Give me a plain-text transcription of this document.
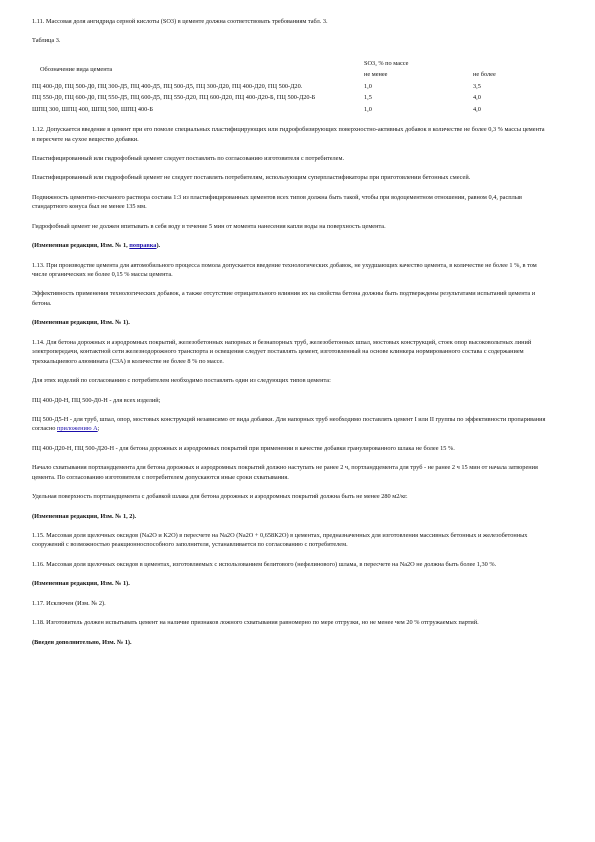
1.11. Массовая доля ангидрида серной кислоты (SO3) в цементе должна соответствовать требованиям табл. 3.

Таблица 3.

Обозначение вида цемента	SO3, % по массе	
	не менее	не более
ПЦ 400-Д0, ПЦ 500-Д0, ПЦ 300-Д5, ПЦ 400-Д5, ПЦ 500-Д5, ПЦ 300-Д20, ПЦ 400-Д20, ПЦ 500-Д20.	1,0	3,5
ПЦ 550-Д0, ПЦ 600-Д0, ПЦ 550-Д5, ПЦ 600-Д5, ПЦ 550-Д20, ПЦ 600-Д20, ПЦ 400-Д20-Б, ПЦ 500-Д20-Б	1,5	4,0
ШПЦ 300, ШПЦ 400, ШПЦ 500, ШПЦ 400-Б	1,0	4,0

1.12. Допускается введение в цемент при его помоле специальных пластифицирующих или гидрофобизирующих поверхностно-активных добавок в количестве не более 0,3 % массы цемента в пересчете на сухое вещество добавки.

Пластифицированный или гидрофобный цемент следует поставлять по согласованию изготовителя с потребителем.

Пластифицированный или гидрофобный цемент не следует поставлять потребителям, использующим суперпластификаторы при приготовлении бетонных смесей.

Подвижность цементно-песчаного раствора состава 1:3 из пластифицированных цементов всех типов должна быть такой, чтобы при водоцементном отношении, равном 0,4, расплыв стандартного конуса был не менее 135 мм.

Гидрофобный цемент не должен впитывать в себя воду в течение 5 мин от момента нанесения капли воды на поверхность цемента.

(Измененная редакция, Изм. № 1, поправка).

1.13. При производстве цемента для автомобильного процесса помола допускается введение технологических добавок, не ухудшающих качество цемента, в количестве не более 1 %, в том числе органических не более 0,15 % массы цемента.

Эффективность применения технологических добавок, а также отсутствие отрицательного влияния их на свойства бетона должны быть подтверждены результатами испытаний цемента и бетона.

(Измененная редакция, Изм. № 1).

1.14. Для бетона дорожных и аэродромных покрытий, железобетонных напорных и безнапорных труб, железобетонных шпал, мостовых конструкций, стоек опор высоковольтных линий электропередачи, контактной сети железнодорожного транспорта и освещения следует поставлять цемент, изготовленный на основе клинкера нормированного состава с содержанием трехкальциевого алюмината (C3A) в количестве не более 8 % по массе.

Для этих изделий по согласованию с потребителем необходимо поставлять один из следующих типов цемента:

ПЦ 400-Д0-Н, ПЦ 500-Д0-Н - для всех изделий;

ПЦ 500-Д5-Н - для труб, шпал, опор, мостовых конструкций независимо от вида добавки. Для напорных труб необходимо поставлять цемент I или II группы по эффективности пропаривания согласно приложению А;

ПЦ 400-Д20-Н, ПЦ 500-Д20-Н - для бетона дорожных и аэродромных покрытий при применении в качестве добавки гранулированного шлака не более 15 %.

Начало схватывания портландцемента для бетона дорожных и аэродромных покрытий должно наступать не ранее 2 ч, портландцемента для труб - не ранее 2 ч 15 мин от начала затворения цемента. По согласованию изготовителя с потребителем допускаются иные сроки схватывания.

Удельная поверхность портландцемента с добавкой шлака для бетона дорожных и аэродромных покрытий должна быть не менее 280 м2/кг.

(Измененная редакция, Изм. № 1, 2).

1.15. Массовая доля щелочных оксидов (Na2O и K2O) в пересчете на Na2O (Na2O + 0,658K2O) в цементах, предназначенных для изготовления массивных бетонных и железобетонных сооружений с возможностью реакционноспособного заполнителя, устанавливается по согласованию с потребителем.

1.16. Массовая доля щелочных оксидов в цементах, изготовляемых с использованием белитового (нефелинового) шлама, в пересчете на Na2O не должна быть более 1,30 %.

(Измененная редакция, Изм. № 1).

1.17. Исключен (Изм. № 2).

1.18. Изготовитель должен испытывать цемент на наличие признаков ложного схватывания равномерно по мере отгрузки, но не менее чем 20 % отгружаемых партий.

(Введен дополнительно, Изм. № 1).
